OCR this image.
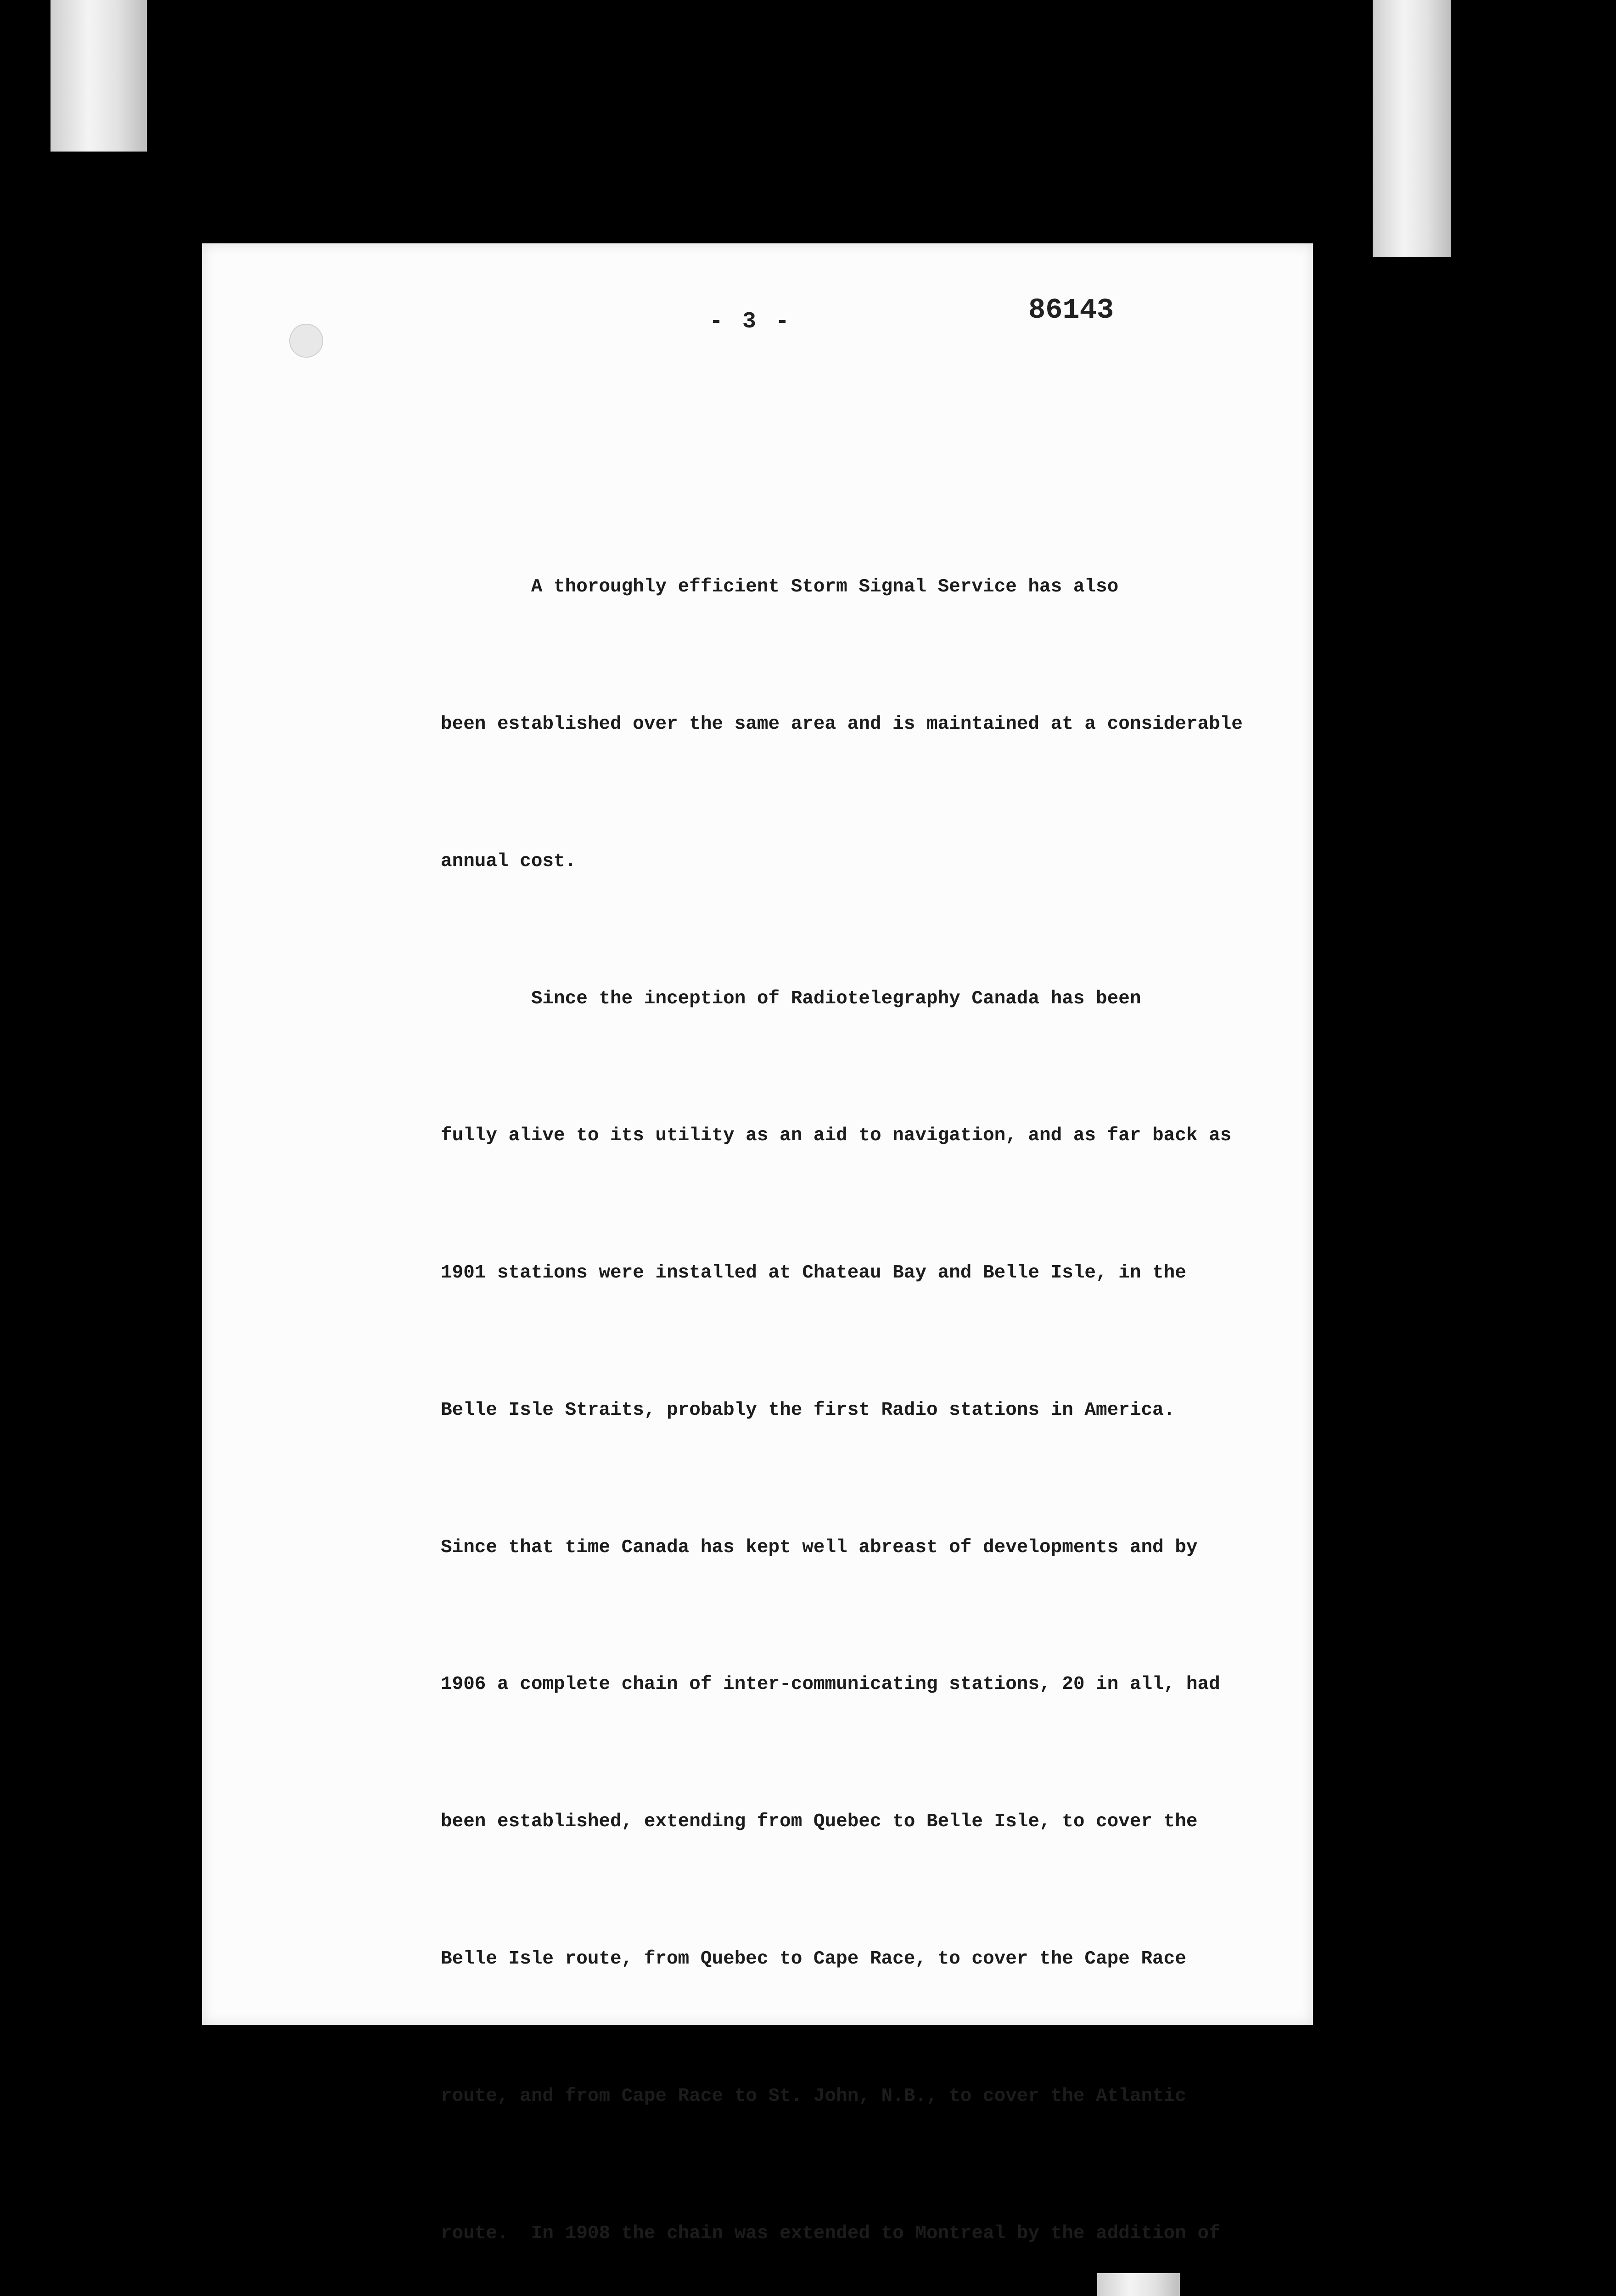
- 3 -	86143

A thoroughly efficient Storm Signal Service has also

been established over the same area and is maintained at a considerable

annual cost.

Since the inception of Radiotelegraphy Canada has been

fully alive to its utility as an aid to navigation, and as far back as

1901 stations were installed at Chateau Bay and Belle Isle, in the

Belle Isle Straits, probably the first Radio stations in America.

Since that time Canada has kept well abreast of developments and by

1906 a complete chain of inter-communicating stations, 20 in all, had

been established, extending from Quebec to Belle Isle, to cover the

Belle Isle route, from Quebec to Cape Race, to cover the Cape Race

route, and from Cape Race to St. John, N.B., to cover the Atlantic

route.  In 1908 the chain was extended to Montreal by the addition of
